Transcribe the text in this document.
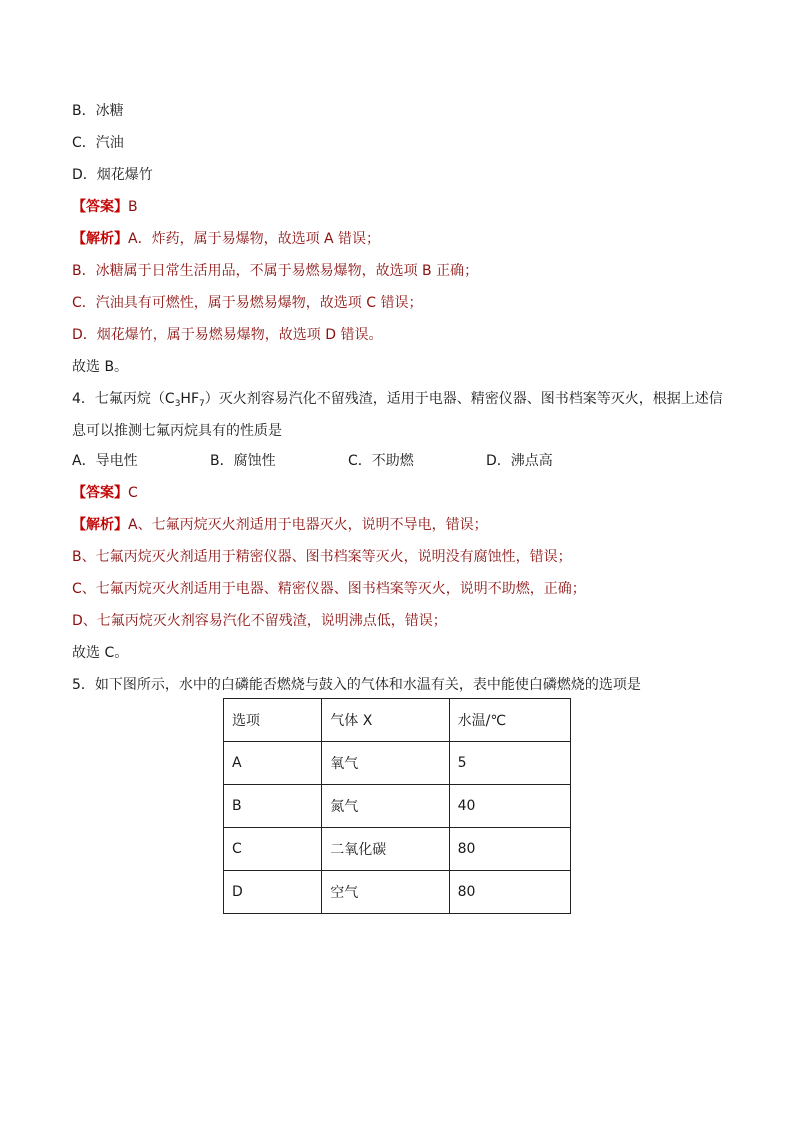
B．冰糖
C．汽油
D．烟花爆竹
【答案】B
【解析】A．炸药，属于易爆物，故选项 A 错误；
B．冰糖属于日常生活用品，不属于易燃易爆物，故选项 B 正确；
C．汽油具有可燃性，属于易燃易爆物，故选项 C 错误；
D．烟花爆竹，属于易燃易爆物，故选项 D 错误。
故选 B。
4．七氟丙烷$(C_3HF_7)$灭火剂容易汽化不留残渣，适用于电器、精密仪器、图书档案等灭火，根据上述信
息可以推测七氟丙烷具有的性质是
A．导电性	B．腐蚀性	C．不助燃	D．沸点高
【答案】C
【解析】A、七氟丙烷灭火剂适用于电器灭火，说明不导电，错误；
B、七氟丙烷灭火剂适用于精密仪器、图书档案等灭火，说明没有腐蚀性，错误；
C、七氟丙烷灭火剂适用于电器、精密仪器、图书档案等灭火，说明不助燃，正确；
D、七氟丙烷灭火剂容易汽化不留残渣，说明沸点低，错误；
故选 C。
5．如下图所示，水中的白磷能否燃烧与鼓入的气体和水温有关，表中能使白磷燃烧的选项是
选项	气体 X	水温/℃
A	氧气	5
B	氮气	40
C	二氧化碳	80
D	空气	80
